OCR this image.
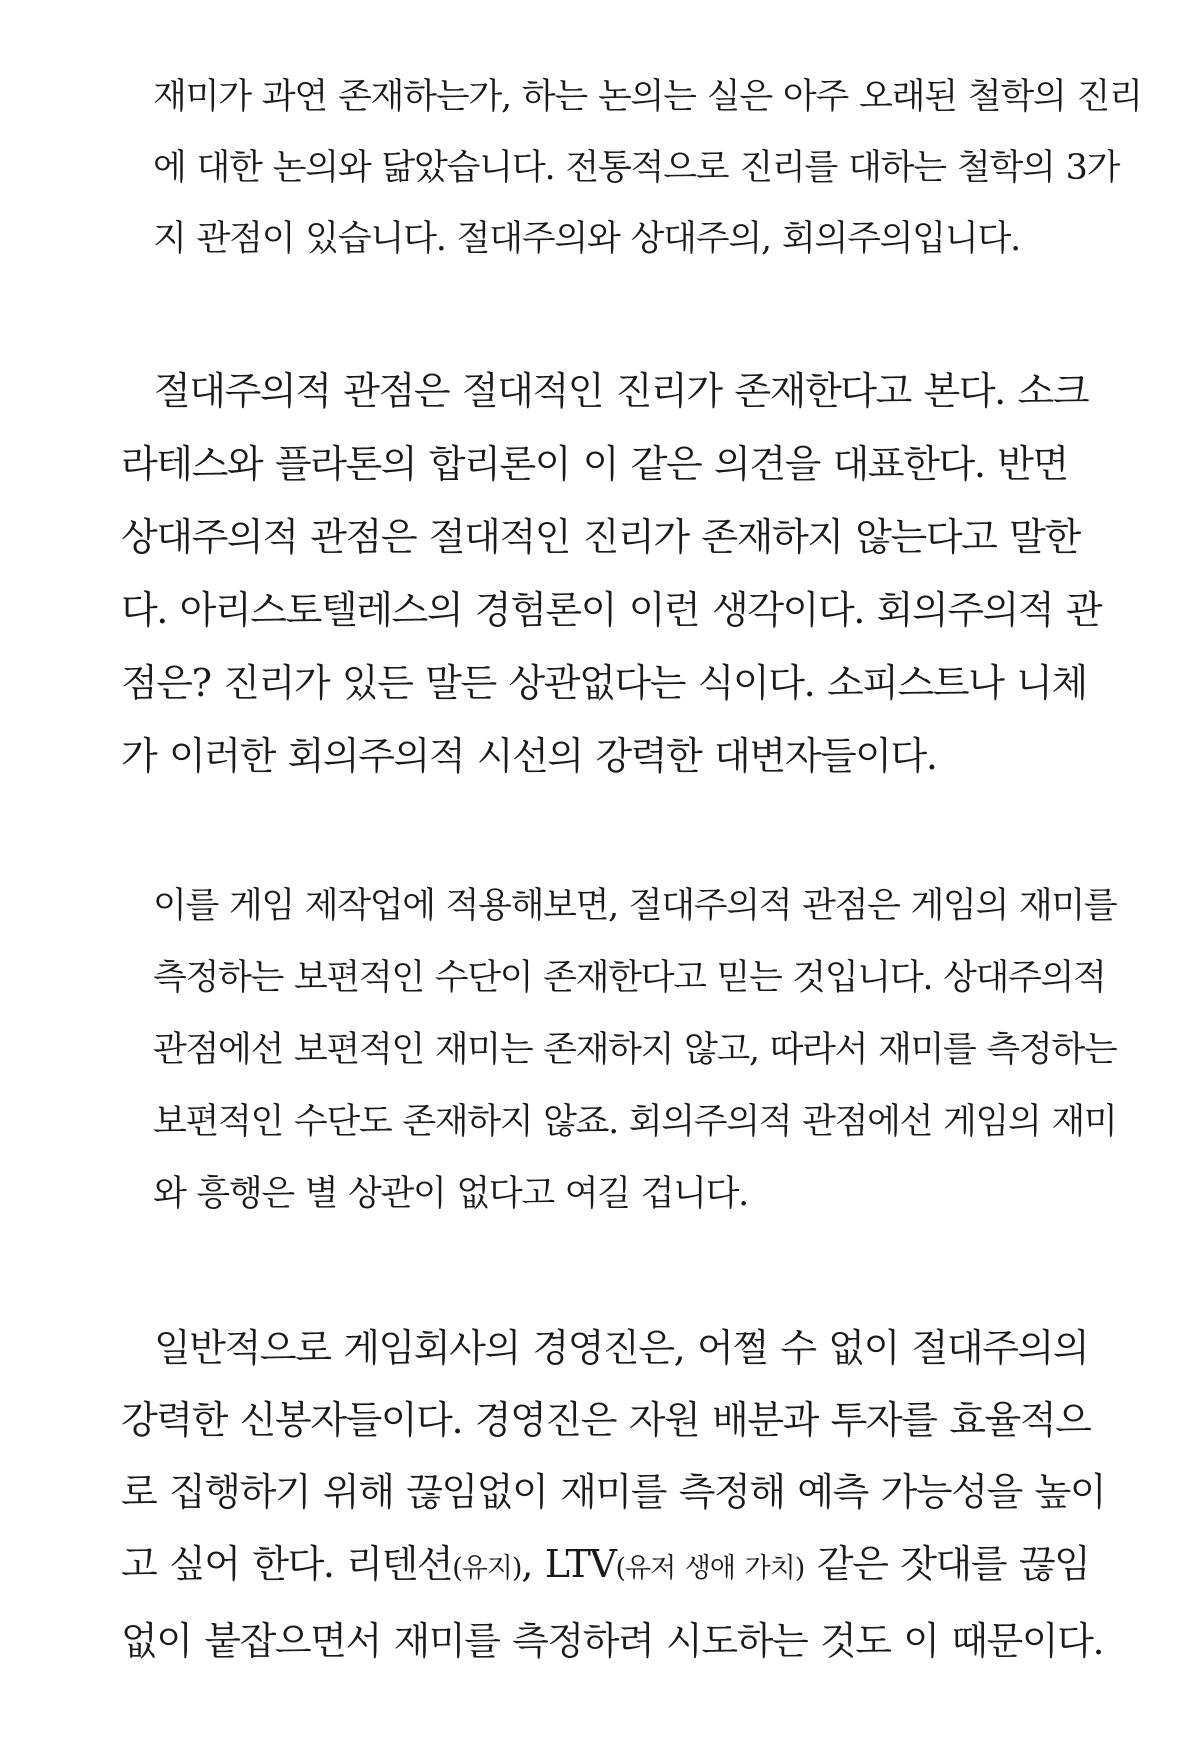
재미가 과연 존재하는가, 하는 논의는 실은 아주 오래된 철학의 진리
에 대한 논의와 닮았습니다. 전통적으로 진리를 대하는 철학의 3가
지 관점이 있습니다. 절대주의와 상대주의, 회의주의입니다.

절대주의적 관점은 절대적인 진리가 존재한다고 본다. 소크
라테스와 플라톤의 합리론이 이 같은 의견을 대표한다. 반면
상대주의적 관점은 절대적인 진리가 존재하지 않는다고 말한
다. 아리스토텔레스의 경험론이 이런 생각이다. 회의주의적 관
점은? 진리가 있든 말든 상관없다는 식이다. 소피스트나 니체
가 이러한 회의주의적 시선의 강력한 대변자들이다.

이를 게임 제작업에 적용해보면, 절대주의적 관점은 게임의 재미를
측정하는 보편적인 수단이 존재한다고 믿는 것입니다. 상대주의적
관점에선 보편적인 재미는 존재하지 않고, 따라서 재미를 측정하는
보편적인 수단도 존재하지 않죠. 회의주의적 관점에선 게임의 재미
와 흥행은 별 상관이 없다고 여길 겁니다.

일반적으로 게임회사의 경영진은, 어쩔 수 없이 절대주의의
강력한 신봉자들이다. 경영진은 자원 배분과 투자를 효율적으
로 집행하기 위해 끊임없이 재미를 측정해 예측 가능성을 높이
고 싶어 한다. 리텐션(유지), LTV(유저 생애 가치) 같은 잣대를 끊임
없이 붙잡으면서 재미를 측정하려 시도하는 것도 이 때문이다.
